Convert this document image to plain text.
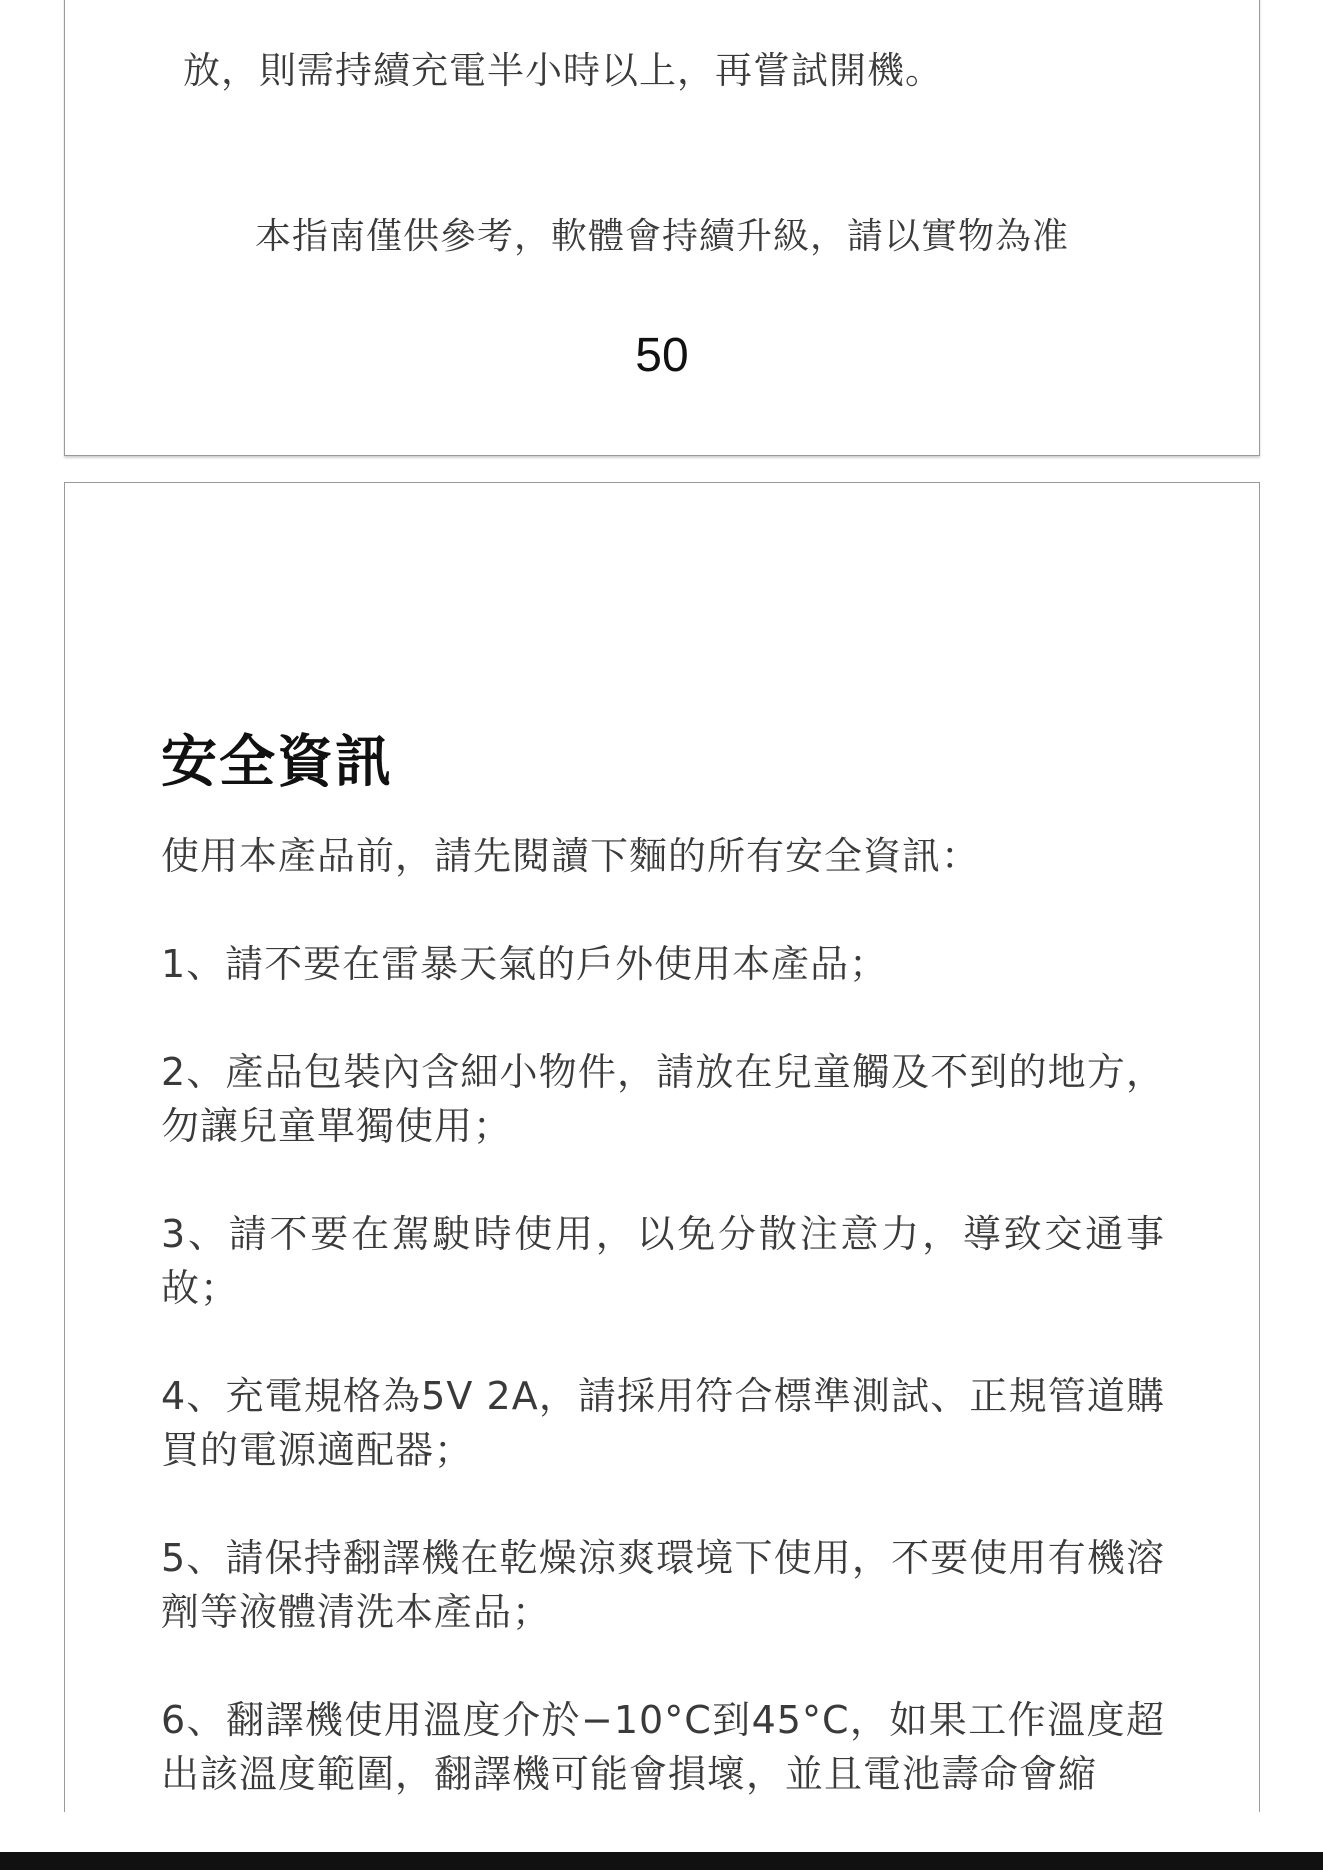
放，則需持續充電半小時以上，再嘗試開機。
本指南僅供參考，軟體會持續升級，請以實物為准
50
安全資訊

使用本產品前，請先閱讀下麵的所有安全資訊：

1、請不要在雷暴天氣的戶外使用本產品；
2、產品包裝內含細小物件，請放在兒童觸及不到的地方，勿讓兒童單獨使用；
3、請不要在駕駛時使用，以免分散注意力，導致交通事故；
4、充電規格為5V 2A，請採用符合標準測試、正規管道購買的電源適配器；
5、請保持翻譯機在乾燥涼爽環境下使用，不要使用有機溶劑等液體清洗本產品；
6、翻譯機使用溫度介於−10°C到45°C，如果工作溫度超出該溫度範圍，翻譯機可能會損壞，並且電池壽命會縮
